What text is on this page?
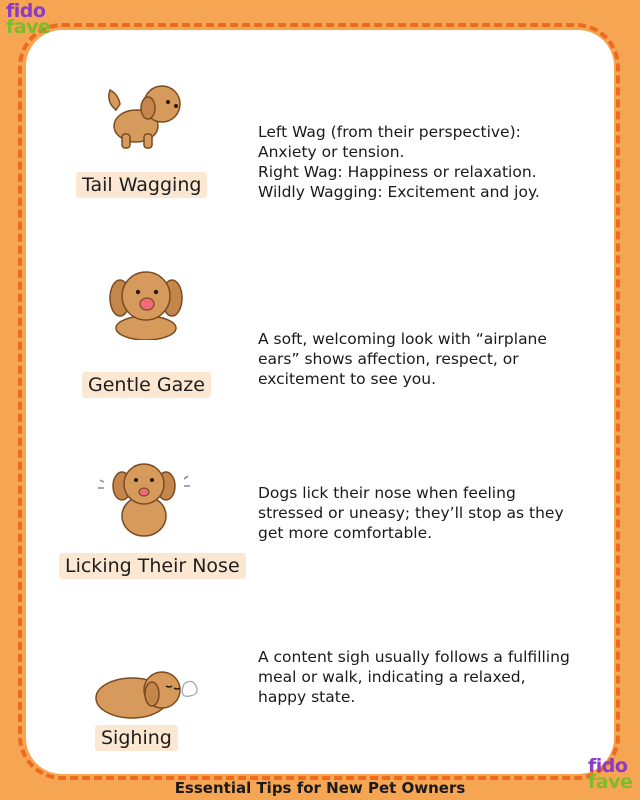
fido
fave
Tail Wagging
Left Wag (from their perspective):
Anxiety or tension.
Right Wag: Happiness or relaxation.
Wildly Wagging: Excitement and joy.
Gentle Gaze
A soft, welcoming look with “airplane
ears” shows affection, respect, or
excitement to see you.
Licking Their Nose
Dogs lick their nose when feeling
stressed or uneasy; they’ll stop as they
get more comfortable.
Sighing
A content sigh usually follows a fulfilling
meal or walk, indicating a relaxed,
happy state.
fido
fave
Essential Tips for New Pet Owners
